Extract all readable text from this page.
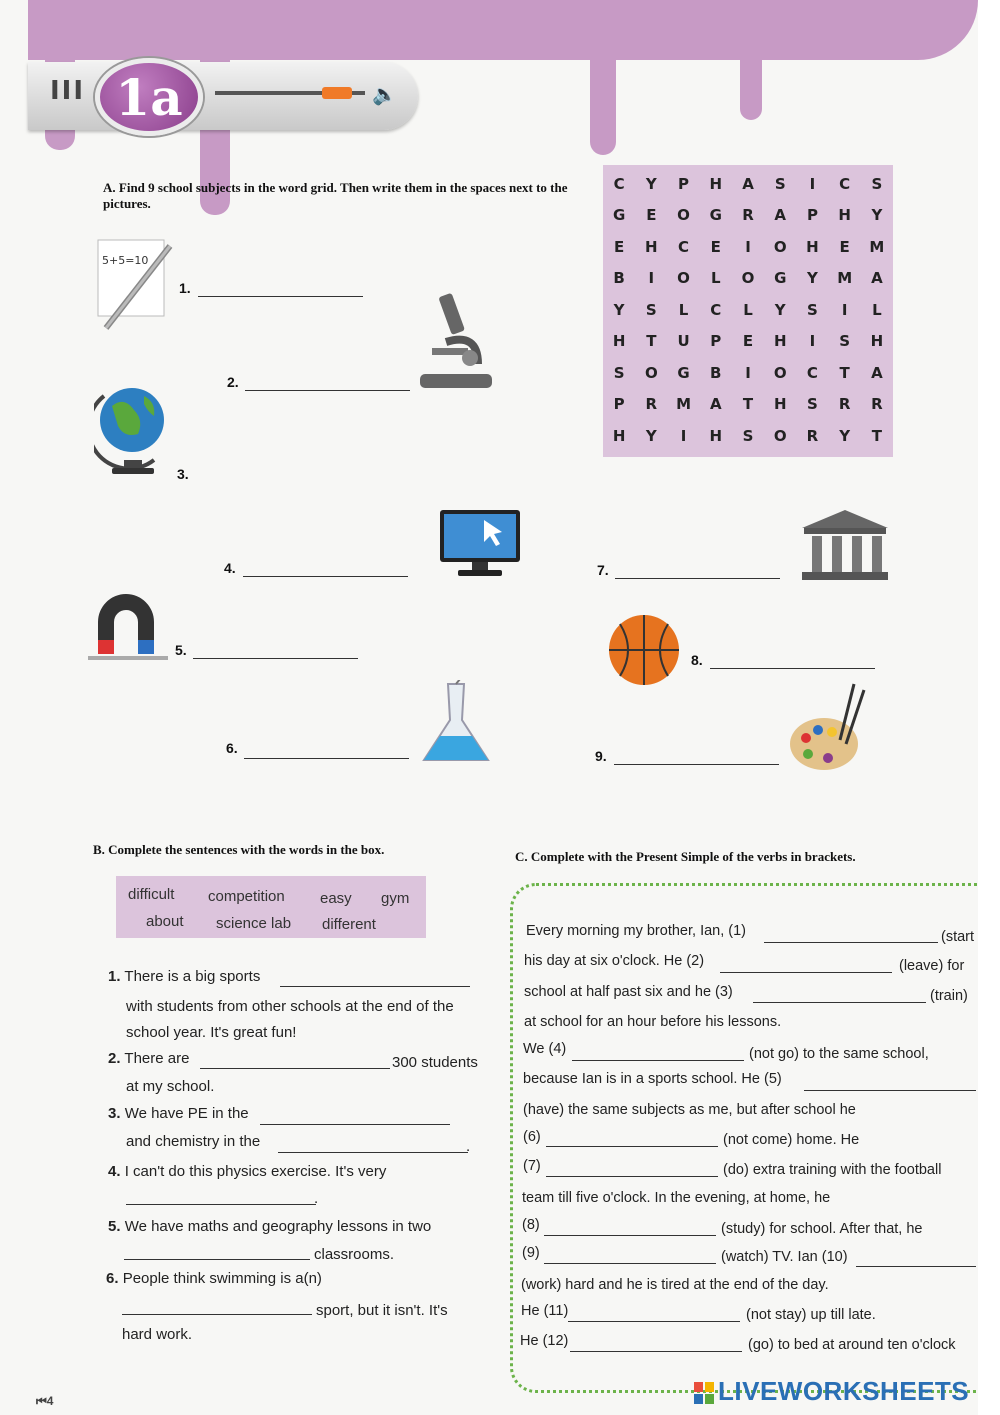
III 1a	🔈
A. Find 9 school subjects in the word grid. Then write them in the spaces next to the pictures.
C	Y	P	H	A	S	I	C	S
G	E	O	G	R	A	P	H	Y
E	H	C	E	I	O	H	E	M
B	I	O	L	O	G	Y	M	A
Y	S	L	C	L	Y	S	I	L
H	T	U	P	E	H	I	S	H
S	O	G	B	I	O	C	T	A
P	R	M	A	T	H	S	R	R
H	Y	I	H	S	O	R	Y	T
5+5=10
1.
2.
3.
4.
5.
6.
7.
8.
9.
B. Complete the sentences with the words in the box.
difficult competition easy gym
about science lab different
1. There is a big sports
with students from other schools at the end of the
school year. It's great fun!
2. There are	300 students
at my school.
3. We have PE in the
and chemistry in the	.
4. I can't do this physics exercise. It's very
.
5. We have maths and geography lessons in two
classrooms.
6. People think swimming is a(n)
sport, but it isn't. It's
hard work.
C. Complete with the Present Simple of the verbs in brackets.
Every morning my brother, Ian, (1)	(start
his day at six o'clock. He (2)	(leave) for
school at half past six and he (3)	(train)
at school for an hour before his lessons.
We (4)	(not go) to the same school,
because Ian is in a sports school. He (5)
(have) the same subjects as me, but after school he
(6)	(not come) home. He
(7)	(do) extra training with the football
team till five o'clock. In the evening, at home, he
(8)	(study) for school. After that, he
(9)	(watch) TV. Ian (10)
(work) hard and he is tired at the end of the day.
He (11)	(not stay) up till late.
He (12)	(go) to bed at around ten o'clock
⏮4	LIVEWORKSHEETS
